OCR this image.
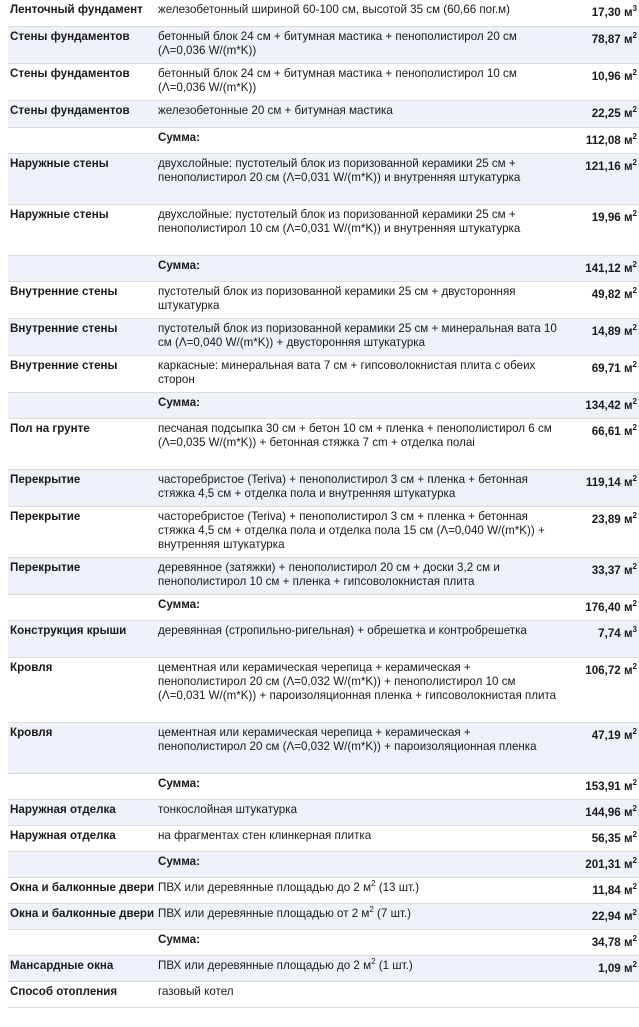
Ленточный фундамент	железобетонный шириной 60-100 см, высотой 35 см (60,66 пог.м)	17,30 $м^3$
Стены фундаментов	бетонный блок 24 см + битумная мастика + пенополистирол 20 см (Λ=0,036 W/(m*K))	78,87 $м^2$
Стены фундаментов	бетонный блок 24 см + битумная мастика + пенополистирол 10 см (Λ=0,036 W/(m*K))	10,96 $м^2$
Стены фундаментов	железобетонные 20 см + битумная мастика	22,25 $м^2$
	Сумма:	112,08 $м^2$
Наружные стены	двухслойные: пустотелый блок из поризованной керамики 25 см + пенополистирол 20 см (Λ=0,031 W/(m*K)) и внутренняя штукатурка	121,16 $м^2$
Наружные стены	двухслойные: пустотелый блок из поризованной керамики 25 см + пенополистирол 10 см (Λ=0,031 W/(m*K)) и внутренняя штукатурка	19,96 $м^2$
	Сумма:	141,12 $м^2$
Внутренние стены	пустотелый блок из поризованной керамики 25 см + двусторонняя штукатурка	49,82 $м^2$
Внутренние стены	пустотелый блок из поризованной керамики 25 см + минеральная вата 10 см (Λ=0,040 W/(m*K)) + двусторонняя штукатурка	14,89 $м^2$
Внутренние стены	каркасные: минеральная вата 7 см + гипсоволокнистая плита с обеих сторон	69,71 $м^2$
	Сумма:	134,42 $м^2$
Пол на грунте	песчаная подсыпка 30 см + бетон 10 см + пленка + пенополистирол 6 см (Λ=0,035 W/(m*K)) + бетонная стяжка 7 cm + отделка полаі	66,61 $м^2$
Перекрытие	часторебристое (Teriva) + пенополистирол 3 см + пленка + бетонная стяжка 4,5 см + отделка пола и внутренняя штукатурка	119,14 $м^2$
Перекрытие	часторебристое (Teriva) + пенополистирол 3 см + пленка + бетонная стяжка 4,5 см + отделка пола и отделка пола 15 см (Λ=0,040 W/(m*K)) + внутренняя штукатурка	23,89 $м^2$
Перекрытие	деревянное (затяжки) + пенополистирол 20 см + доски 3,2 см и пенополистирол 10 см + пленка + гипсоволокнистая плита	33,37 $м^2$
	Сумма:	176,40 $м^2$
Конструкция крыши	деревянная (стропильно-ригельная) + обрешетка и контробрешетка	7,74 $м^3$
Кровля	цементная или керамическая черепица + керамическая + пенополистирол 20 см (Λ=0,032 W/(m*K)) + пенополистирол 10 см (Λ=0,031 W/(m*K)) + пароизоляционная пленка + гипсоволокнистая плита	106,72 $м^2$
Кровля	цементная или керамическая черепица + керамическая + пенополистирол 20 см (Λ=0,032 W/(m*K)) + пароизоляционная пленка	47,19 $м^2$
	Сумма:	153,91 $м^2$
Наружная отделка	тонкослойная штукатурка	144,96 $м^2$
Наружная отделка	на фрагментах стен клинкерная плитка	56,35 $м^2$
	Сумма:	201,31 $м^2$
Окна и балконные двери	ПВХ или деревянные площадью до 2 $м^2$ (13 шт.)	11,84 $м^2$
Окна и балконные двери	ПВХ или деревянные площадью от 2 $м^2$ (7 шт.)	22,94 $м^2$
	Сумма:	34,78 $м^2$
Мансардные окна	ПВХ или деревянные площадью до 2 $м^2$ (1 шт.)	1,09 $м^2$
Способ отопления	газовый котел	
